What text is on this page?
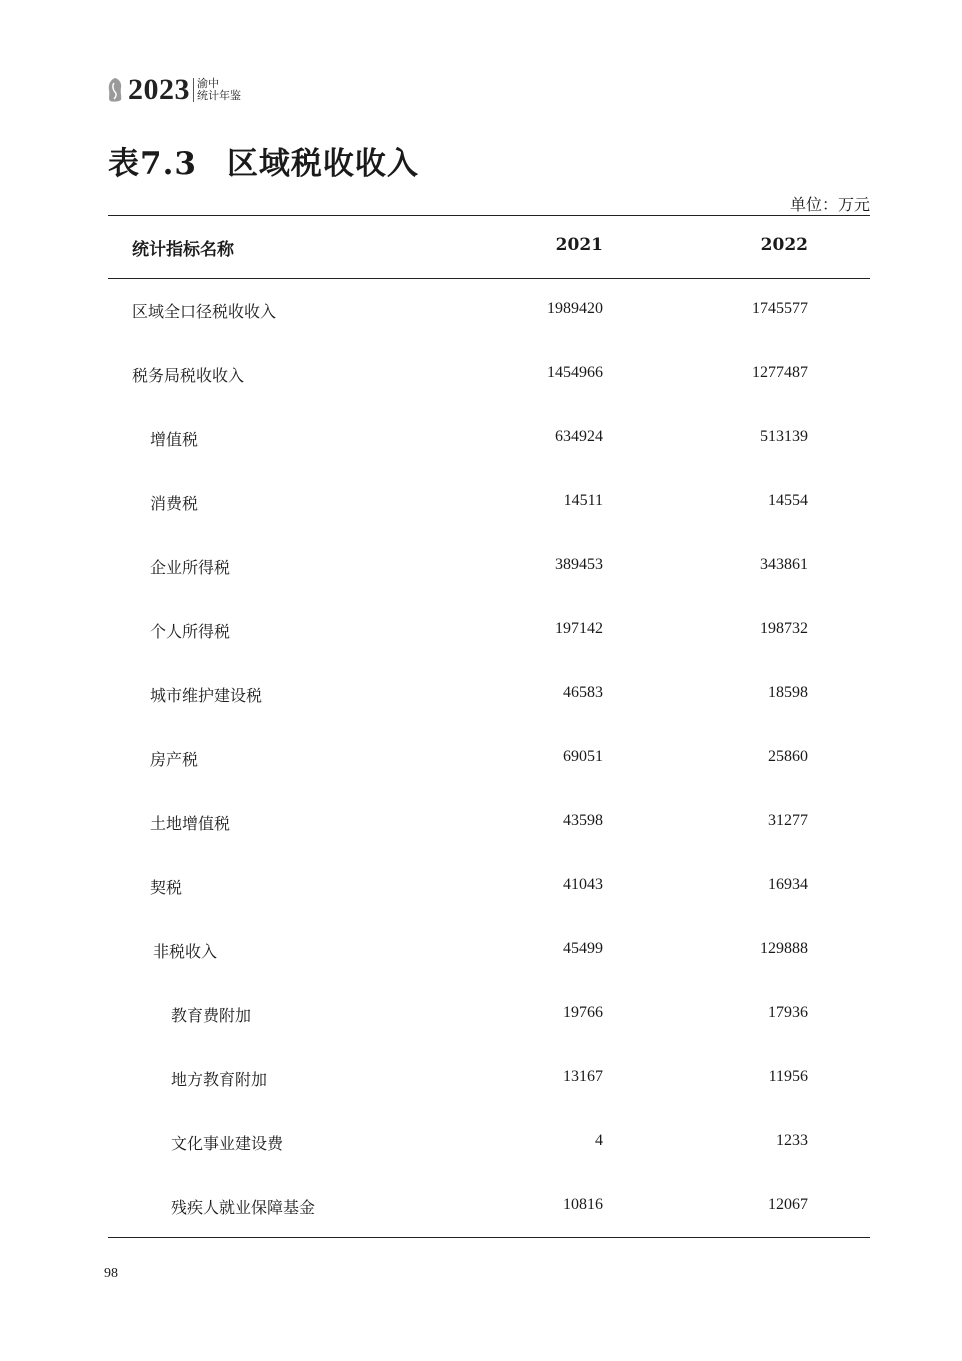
2023 渝中
统计年鉴
表7.3 区域税收收入
单位：万元
统计指标名称	2021	2022
区域全口径税收收入	1989420	1745577
税务局税收收入	1454966	1277487
增值税	634924	513139
消费税	14511	14554
企业所得税	389453	343861
个人所得税	197142	198732
城市维护建设税	46583	18598
房产税	69051	25860
土地增值税	43598	31277
契税	41043	16934
非税收入	45499	129888
教育费附加	19766	17936
地方教育附加	13167	11956
文化事业建设费	4	1233
残疾人就业保障基金	10816	12067
98
